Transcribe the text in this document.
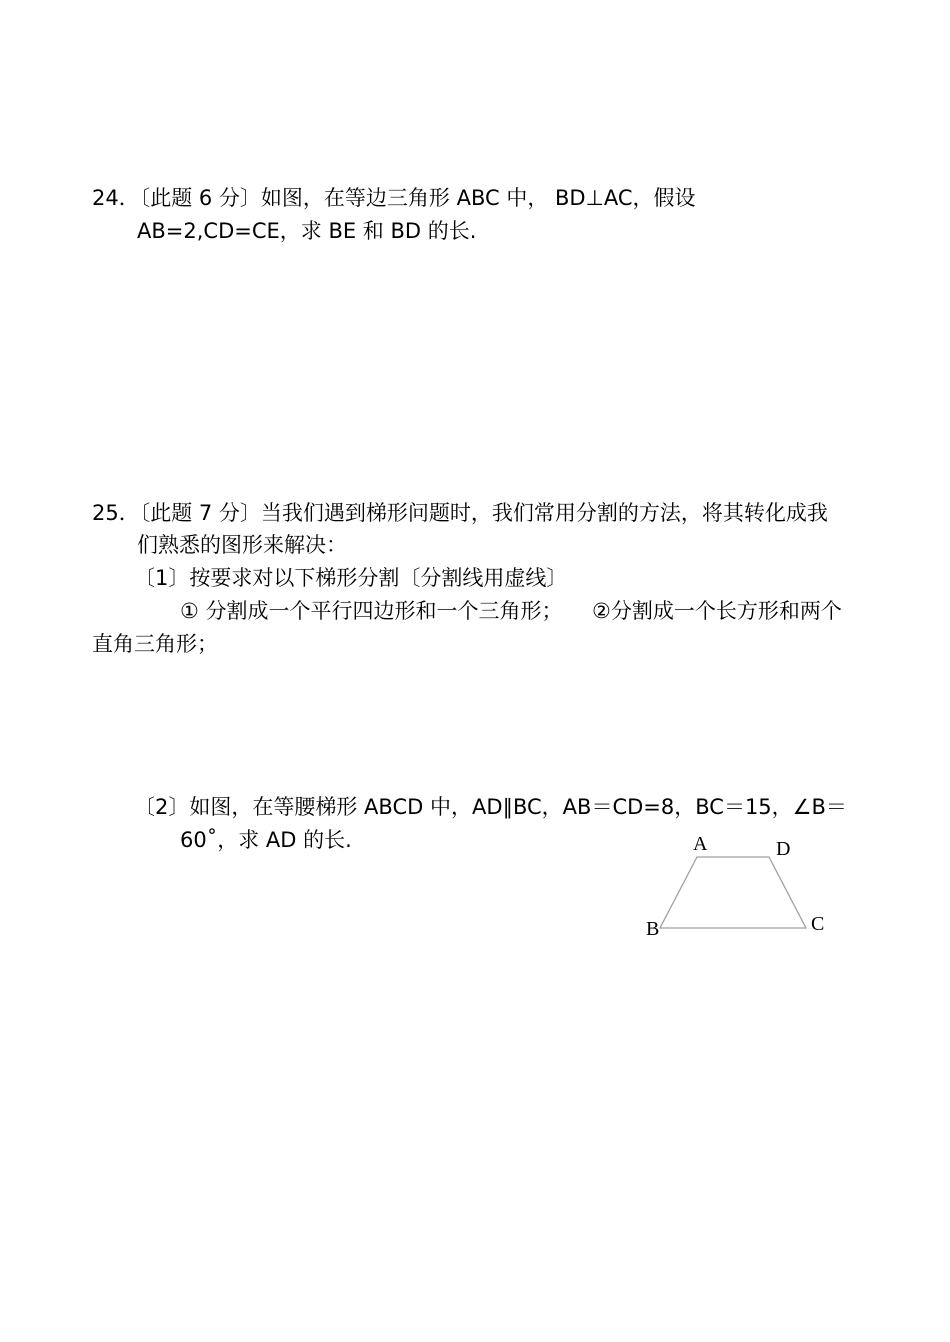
24．〔此题 6 分〕如图，在等边三角形 ABC 中， BD⊥AC，假设
AB=2,CD=CE，求 BE 和 BD 的长.
25．〔此题 7 分〕当我们遇到梯形问题时，我们常用分割的方法，将其转化成我
们熟悉的图形来解决：
〔1〕按要求对以下梯形分割〔分割线用虚线〕
① 分割成一个平行四边形和一个三角形； ②分割成一个长方形和两个
直角三角形；
〔2〕如图，在等腰梯形 ABCD 中，AD∥BC，AB＝CD=8，BC＝15，∠B＝
60˚，求 AD 的长.	A	D
B	C
